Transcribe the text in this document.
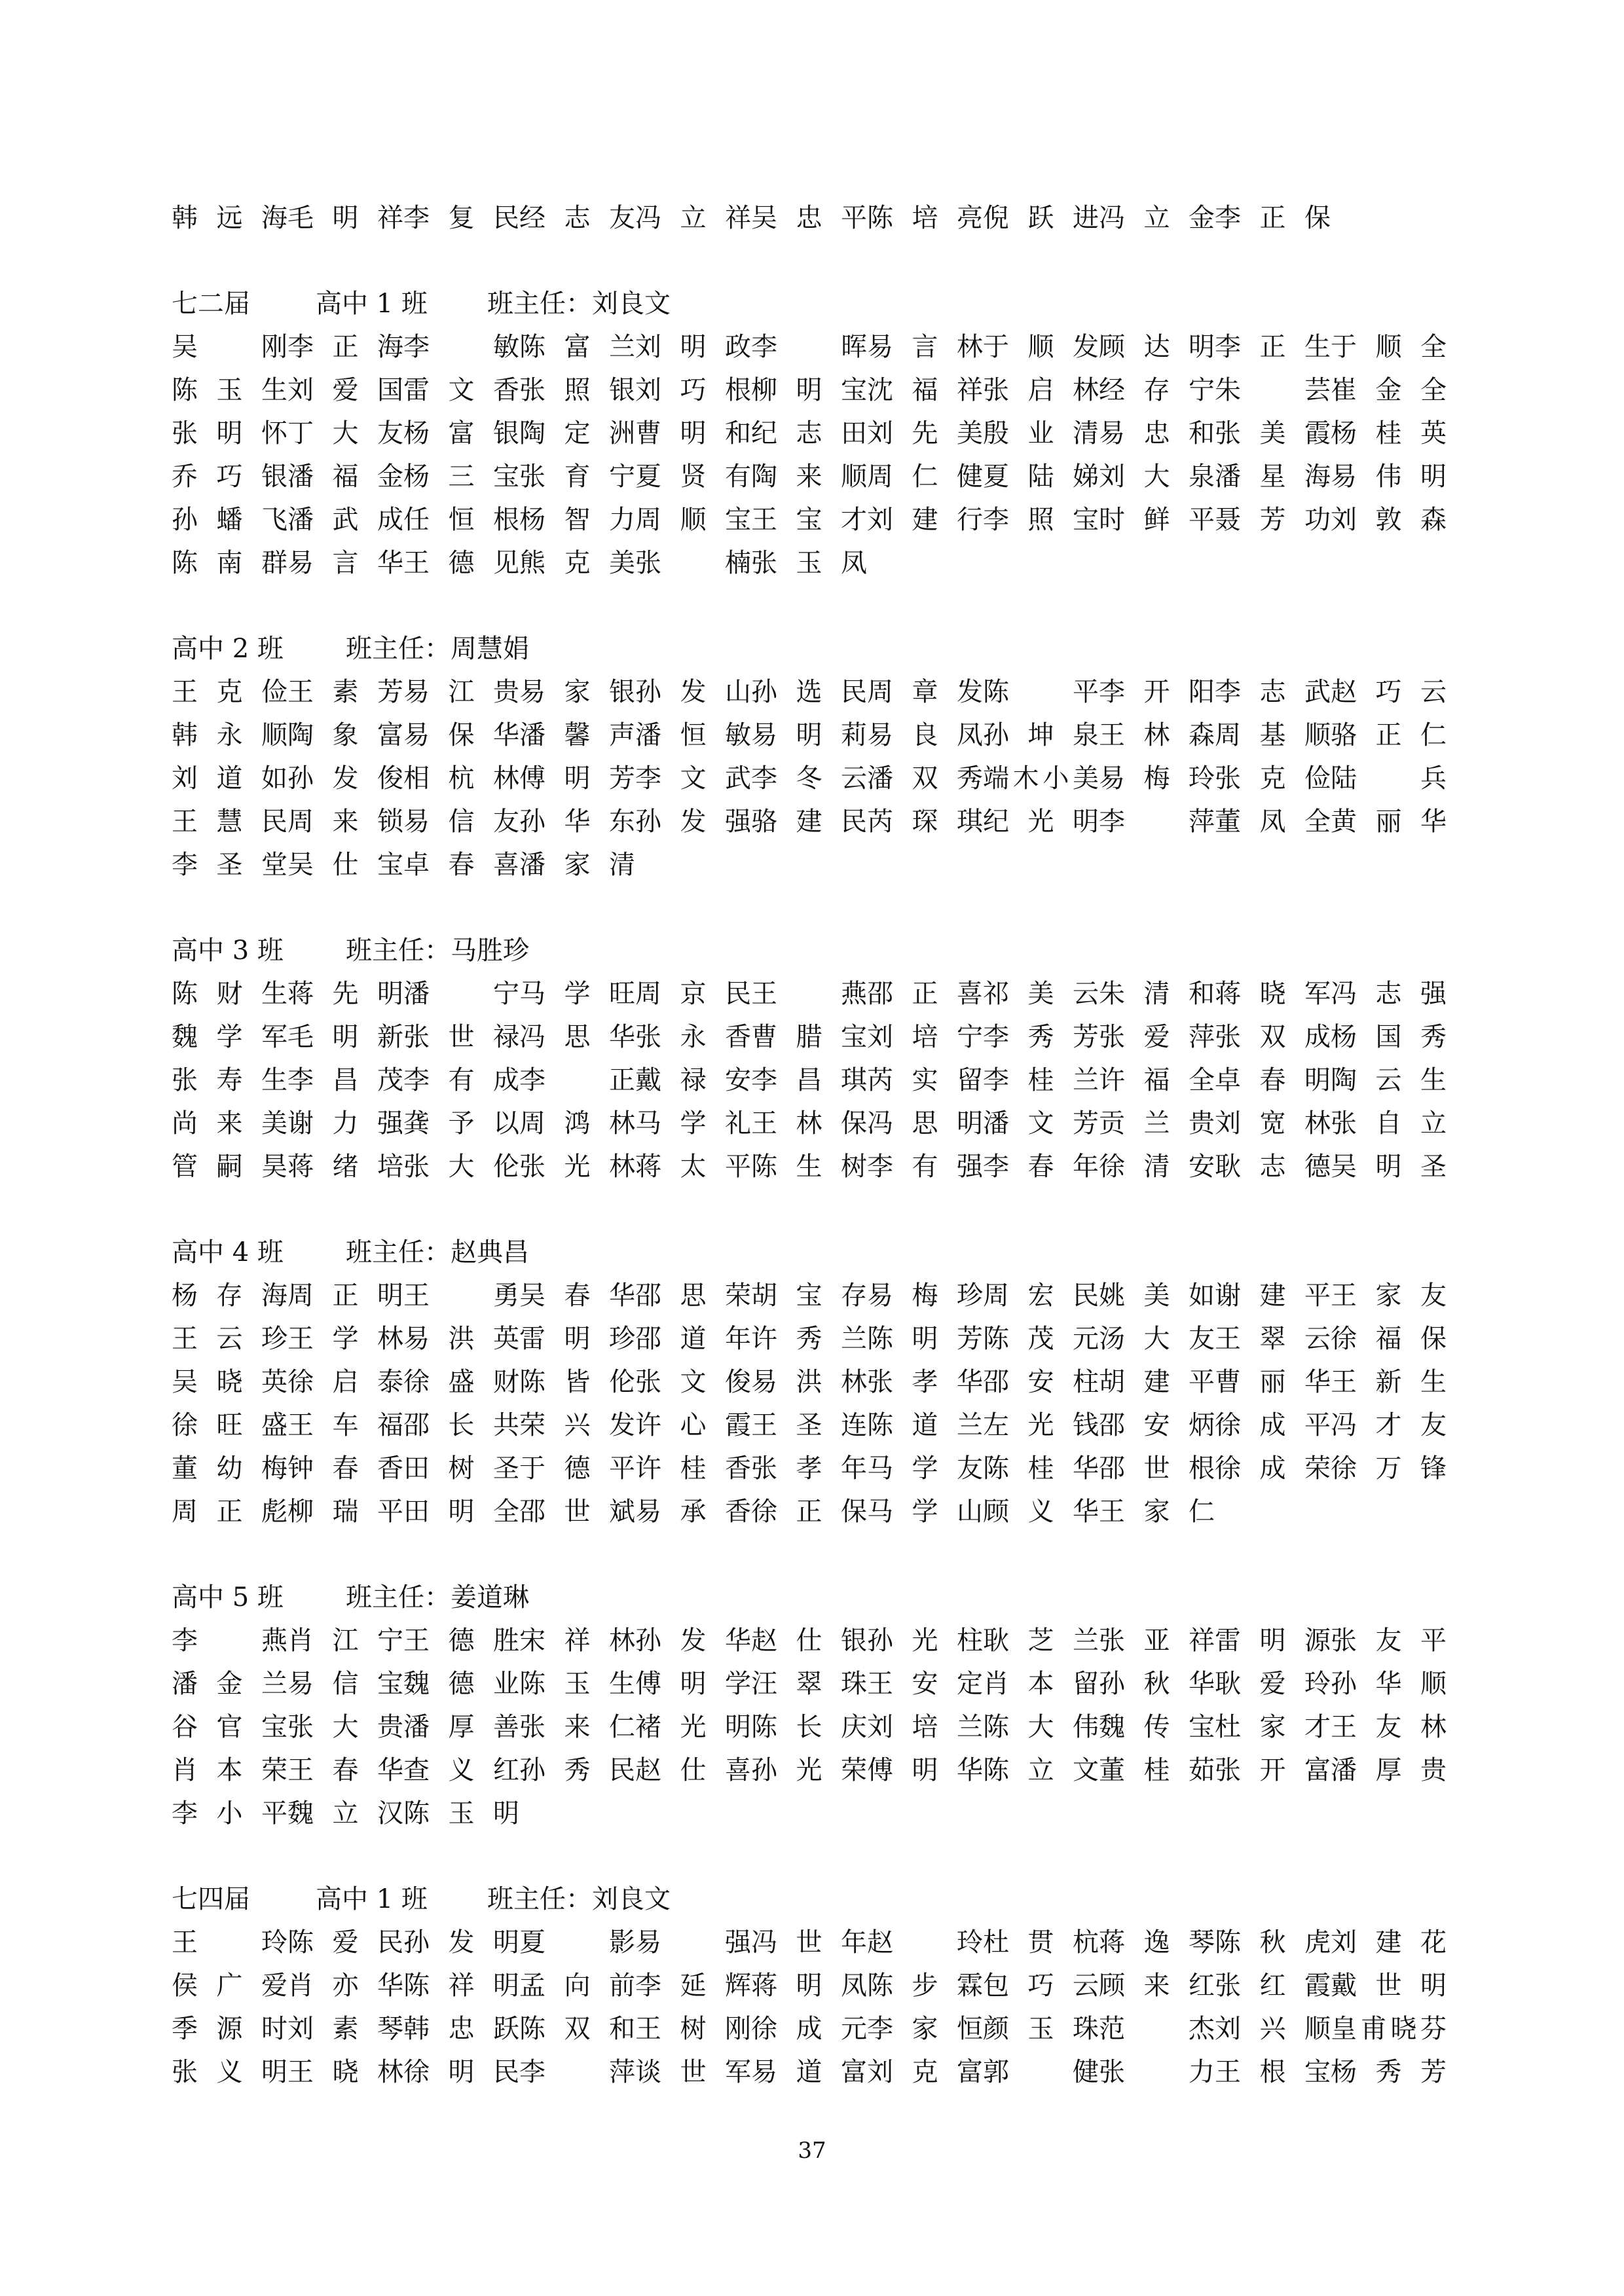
韩远海毛明祥李复民经志友冯立祥吴忠平陈培亮倪跃进冯立金李正保
七二届	高中 1 班 班主任：刘良文
吴　刚李正海李　敏陈富兰刘明政李　晖易言林于顺发顾达明李正生于顺全
陈玉生刘爱国雷文香张照银刘巧根柳明宝沈福祥张启林经存宁朱　芸崔金全
张明怀丁大友杨富银陶定洲曹明和纪志田刘先美殷业清易忠和张美霞杨桂英
乔巧银潘福金杨三宝张育宁夏贤有陶来顺周仁健夏陆娣刘大泉潘星海易伟明
孙蟠飞潘武成任恒根杨智力周顺宝王宝才刘建行李照宝时鲜平聂芳功刘敦森
陈南群易言华王德见熊克美张　楠张玉凤
高中 2 班 班主任：周慧娟
王克俭王素芳易江贵易家银孙发山孙选民周章发陈　平李开阳李志武赵巧云
韩永顺陶象富易保华潘馨声潘恒敏易明莉易良凤孙坤泉王林森周基顺骆正仁
刘道如孙发俊相杭林傅明芳李文武李冬云潘双秀端木小美易梅玲张克俭陆　兵
王慧民周来锁易信友孙华东孙发强骆建民芮琛琪纪光明李　萍董凤全黄丽华
李圣堂吴仕宝卓春喜潘家清
高中 3 班 班主任：马胜珍
陈财生蒋先明潘　宁马学旺周京民王　燕邵正喜祁美云朱清和蒋晓军冯志强
魏学军毛明新张世禄冯思华张永香曹腊宝刘培宁李秀芳张爱萍张双成杨国秀
张寿生李昌茂李有成李　正戴禄安李昌琪芮实留李桂兰许福全卓春明陶云生
尚来美谢力强龚予以周鸿林马学礼王林保冯思明潘文芳贡兰贵刘宽林张自立
管嗣昊蒋绪培张大伦张光林蒋太平陈生树李有强李春年徐清安耿志德吴明圣
高中 4 班 班主任：赵典昌
杨存海周正明王　勇吴春华邵思荣胡宝存易梅珍周宏民姚美如谢建平王家友
王云珍王学林易洪英雷明珍邵道年许秀兰陈明芳陈茂元汤大友王翠云徐福保
吴晓英徐启泰徐盛财陈皆伦张文俊易洪林张孝华邵安柱胡建平曹丽华王新生
徐旺盛王车福邵长共荣兴发许心霞王圣连陈道兰左光钱邵安炳徐成平冯才友
董幼梅钟春香田树圣于德平许桂香张孝年马学友陈桂华邵世根徐成荣徐万锋
周正彪柳瑞平田明全邵世斌易承香徐正保马学山顾义华王家仁
高中 5 班 班主任：姜道琳
李　燕肖江宁王德胜宋祥林孙发华赵仕银孙光柱耿芝兰张亚祥雷明源张友平
潘金兰易信宝魏德业陈玉生傅明学汪翠珠王安定肖本留孙秋华耿爱玲孙华顺
谷官宝张大贵潘厚善张来仁褚光明陈长庆刘培兰陈大伟魏传宝杜家才王友林
肖本荣王春华查义红孙秀民赵仕喜孙光荣傅明华陈立文董桂茹张开富潘厚贵
李小平魏立汉陈玉明
七四届	高中 1 班 班主任：刘良文
王　玲陈爱民孙发明夏　影易　强冯世年赵　玲杜贯杭蒋逸琴陈秋虎刘建花
侯广爱肖亦华陈祥明孟向前李延辉蒋明凤陈步霖包巧云顾来红张红霞戴世明
季源时刘素琴韩忠跃陈双和王树刚徐成元李家恒颜玉珠范　杰刘兴顺皇甫晓芬
张义明王晓林徐明民李　萍谈世军易道富刘克富郭　健张　力王根宝杨秀芳
37
